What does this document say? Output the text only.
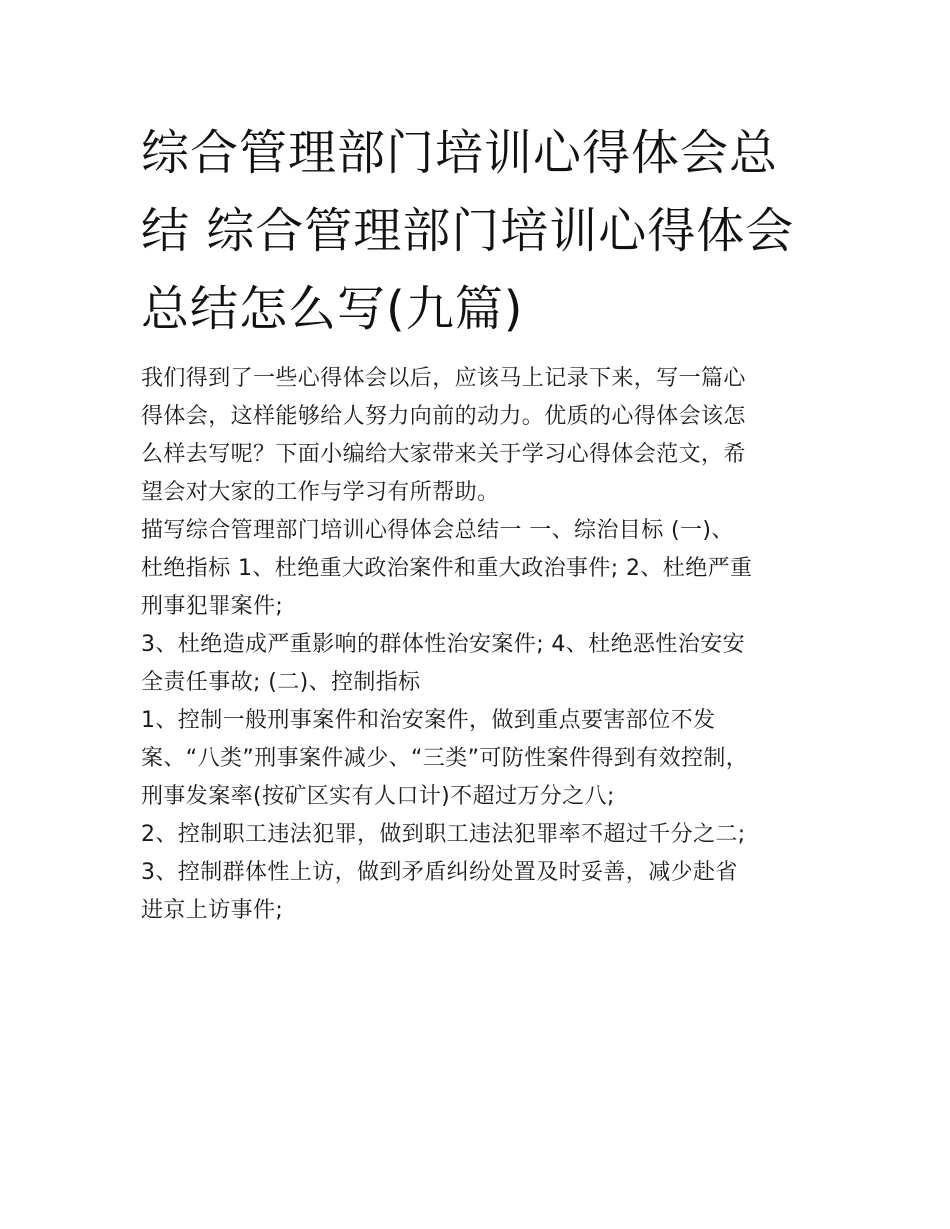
综合管理部门培训心得体会总
结 综合管理部门培训心得体会
总结怎么写(九篇)

我们得到了一些心得体会以后，应该马上记录下来，写一篇心
得体会，这样能够给人努力向前的动力。优质的心得体会该怎
么样去写呢？下面小编给大家带来关于学习心得体会范文，希
望会对大家的工作与学习有所帮助。

描写综合管理部门培训心得体会总结一 一、综治目标 (一)、
杜绝指标 1、杜绝重大政治案件和重大政治事件; 2、杜绝严重
刑事犯罪案件;

3、杜绝造成严重影响的群体性治安案件; 4、杜绝恶性治安安
全责任事故; (二)、控制指标

1、控制一般刑事案件和治安案件，做到重点要害部位不发
案、“八类”刑事案件减少、“三类”可防性案件得到有效控制，
刑事发案率(按矿区实有人口计)不超过万分之八;

2、控制职工违法犯罪，做到职工违法犯罪率不超过千分之二;

3、控制群体性上访，做到矛盾纠纷处置及时妥善，减少赴省
进京上访事件;
